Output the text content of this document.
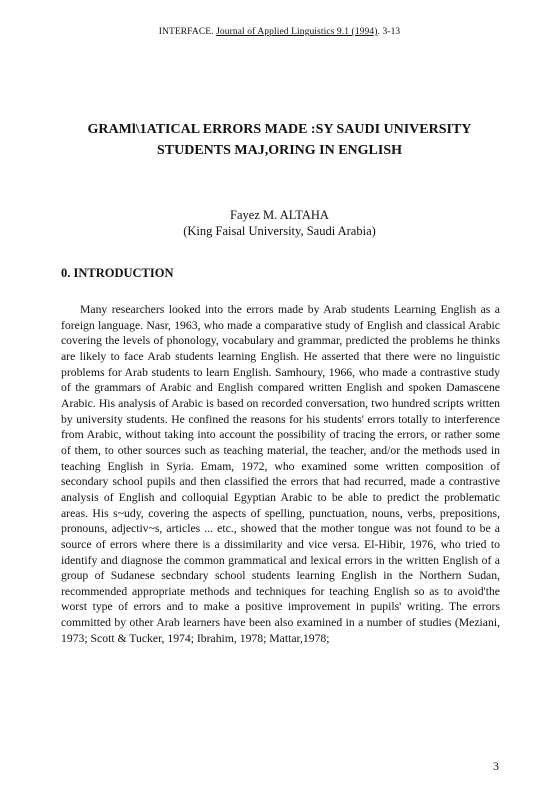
INTERFACE. Journal of Applied Linguistics 9.1 (1994). 3-13
GRAMl\1ATICAL ERRORS MADE :SY SAUDI UNIVERSITY
STUDENTS MAJ,ORING IN ENGLISH
Fayez M. ALTAHA
(King Faisal University, Saudi Arabia)
0. INTRODUCTION
Many researchers looked into the errors made by Arab students Learning English as a foreign language. Nasr, 1963, who made a comparative study of English and classical Arabic covering the levels of phonology, vocabulary and grammar, predicted the problems he thinks are likely to face Arab students learning English. He asserted that there were no linguistic problems for Arab students to learn English. Samhoury, 1966, who made a contrastive study of the grammars of Arabic and English compared written English and spoken Damascene Arabic. His analysis of Arabic is based on recorded conversation, two hundred scripts written by university students. He confined the reasons for his students' errors totally to interference from Arabic, without taking into account the possibility of tracing the errors, or rather some of them, to other sources such as teaching material, the teacher, and/or the methods used in teaching English in Syria. Emam, 1972, who examined some written composition of secondary school pupils and then classified the errors that had recurred, made a contrastive analysis of English and colloquial Egyptian Arabic to be able to predict the problematic areas. His s~udy, covering the aspects of spelling, punctuation, nouns, verbs, prepositions, pronouns, adjectiv~s, articles ... etc., showed that the mother tongue was not found to be a source of errors where there is a dissimilarity and vice versa. El-Hibir, 1976, who tried to identify and diagnose the common grammatical and lexical errors in the written English of a group of Sudanese secbndary school students learning English in the Northern Sudan, recommended appropriate methods and techniques for teaching English so as to avoid'the worst type of errors and to make a positive improvement in pupils' writing. The errors committed by other Arab learners have been also examined in a number of studies (Meziani, 1973; Scott & Tucker, 1974; Ibrahim, 1978; Mattar,1978;
3
